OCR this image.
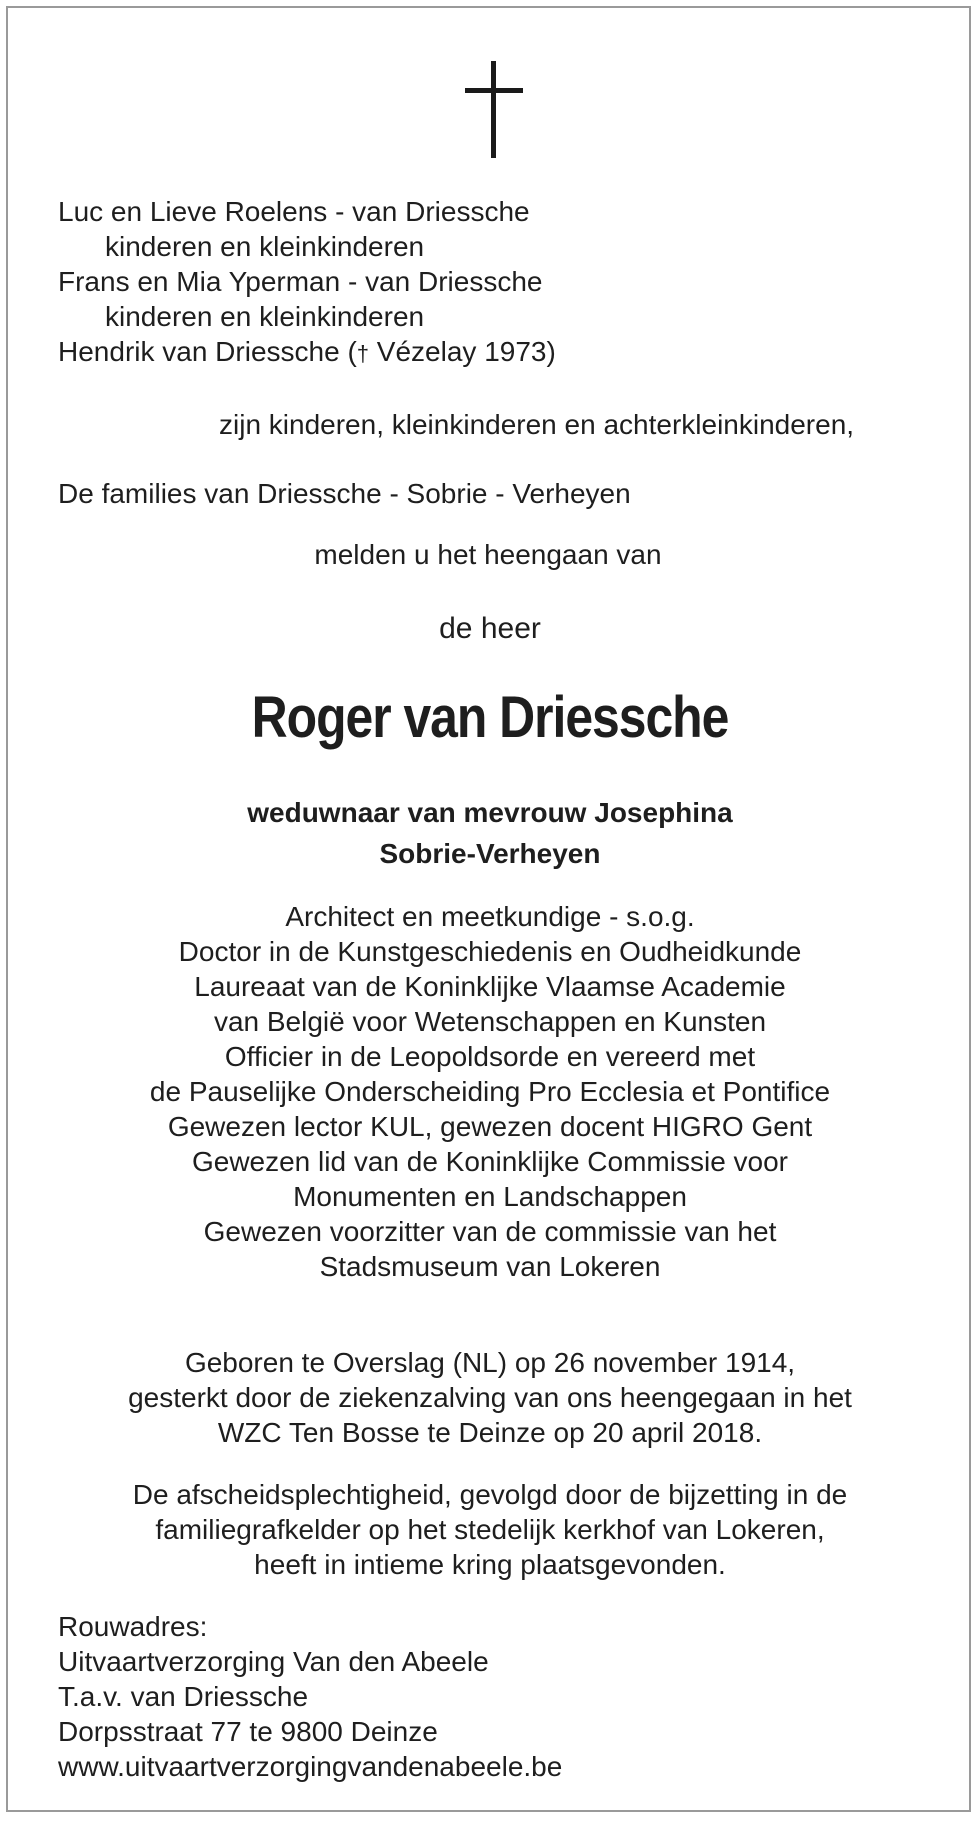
Luc en Lieve Roelens - van Driessche
kinderen en kleinkinderen
Frans en Mia Yperman - van Driessche
kinderen en kleinkinderen
Hendrik van Driessche († Vézelay 1973)
zijn kinderen, kleinkinderen en achterkleinkinderen,
De families van Driessche - Sobrie - Verheyen
melden u het heengaan van
de heer
Roger van Driessche
weduwnaar van mevrouw Josephina
Sobrie-Verheyen
Architect en meetkundige - s.o.g.
Doctor in de Kunstgeschiedenis en Oudheidkunde
Laureaat van de Koninklijke Vlaamse Academie
van België voor Wetenschappen en Kunsten
Officier in de Leopoldsorde en vereerd met
de Pauselijke Onderscheiding Pro Ecclesia et Pontifice
Gewezen lector KUL, gewezen docent HIGRO Gent
Gewezen lid van de Koninklijke Commissie voor
Monumenten en Landschappen
Gewezen voorzitter van de commissie van het
Stadsmuseum van Lokeren
Geboren te Overslag (NL) op 26 november 1914,
gesterkt door de ziekenzalving van ons heengegaan in het
WZC Ten Bosse te Deinze op 20 april 2018.
De afscheidsplechtigheid, gevolgd door de bijzetting in de
familiegrafkelder op het stedelijk kerkhof van Lokeren,
heeft in intieme kring plaatsgevonden.
Rouwadres:
Uitvaartverzorging Van den Abeele
T.a.v. van Driessche
Dorpsstraat 77 te 9800 Deinze
www.uitvaartverzorgingvandenabeele.be
